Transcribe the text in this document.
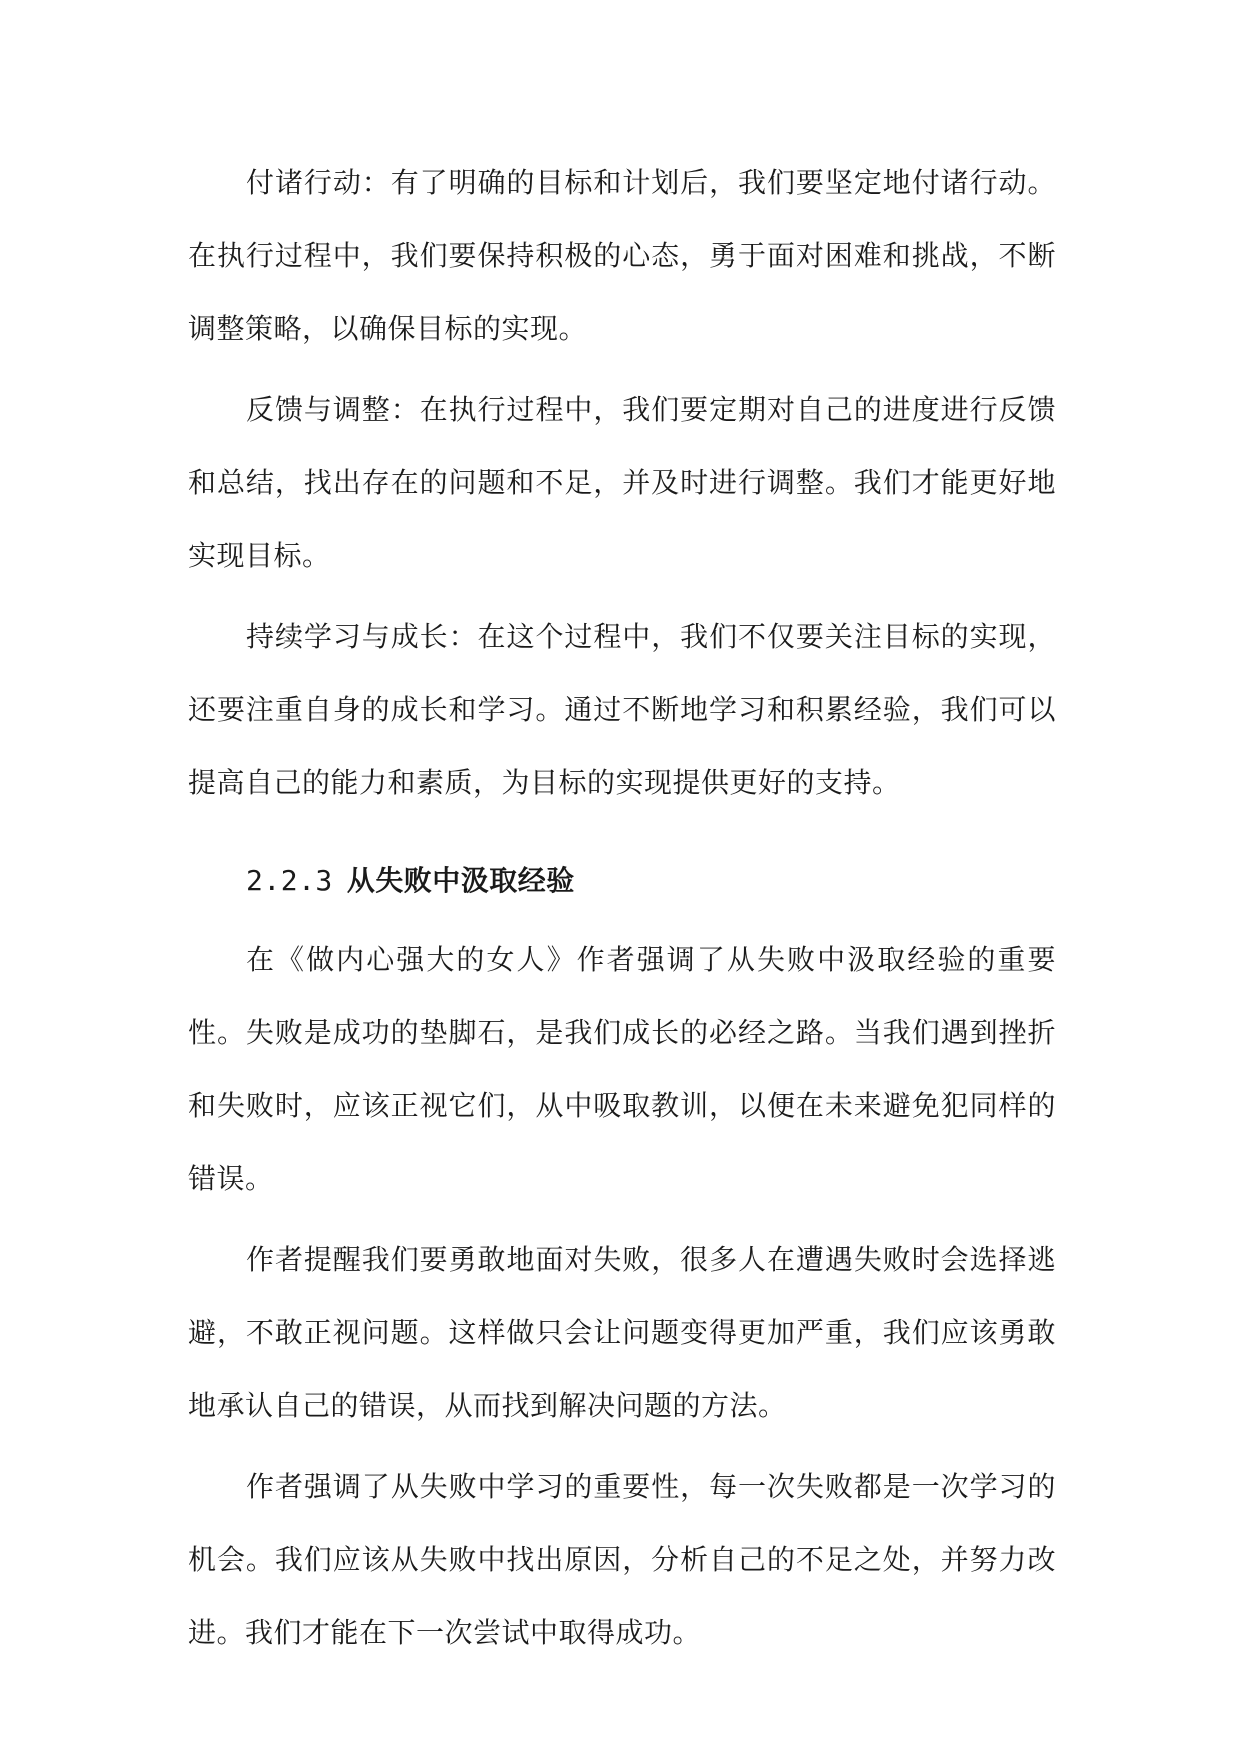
付诸行动：有了明确的目标和计划后，我们要坚定地付诸行动。在执行过程中，我们要保持积极的心态，勇于面对困难和挑战，不断调整策略，以确保目标的实现。

反馈与调整：在执行过程中，我们要定期对自己的进度进行反馈和总结，找出存在的问题和不足，并及时进行调整。我们才能更好地实现目标。

持续学习与成长：在这个过程中，我们不仅要关注目标的实现，还要注重自身的成长和学习。通过不断地学习和积累经验，我们可以提高自己的能力和素质，为目标的实现提供更好的支持。

2.2.3 从失败中汲取经验

在《做内心强大的女人》作者强调了从失败中汲取经验的重要性。失败是成功的垫脚石，是我们成长的必经之路。当我们遇到挫折和失败时，应该正视它们，从中吸取教训，以便在未来避免犯同样的错误。

作者提醒我们要勇敢地面对失败，很多人在遭遇失败时会选择逃避，不敢正视问题。这样做只会让问题变得更加严重，我们应该勇敢地承认自己的错误，从而找到解决问题的方法。

作者强调了从失败中学习的重要性，每一次失败都是一次学习的机会。我们应该从失败中找出原因，分析自己的不足之处，并努力改进。我们才能在下一次尝试中取得成功。
